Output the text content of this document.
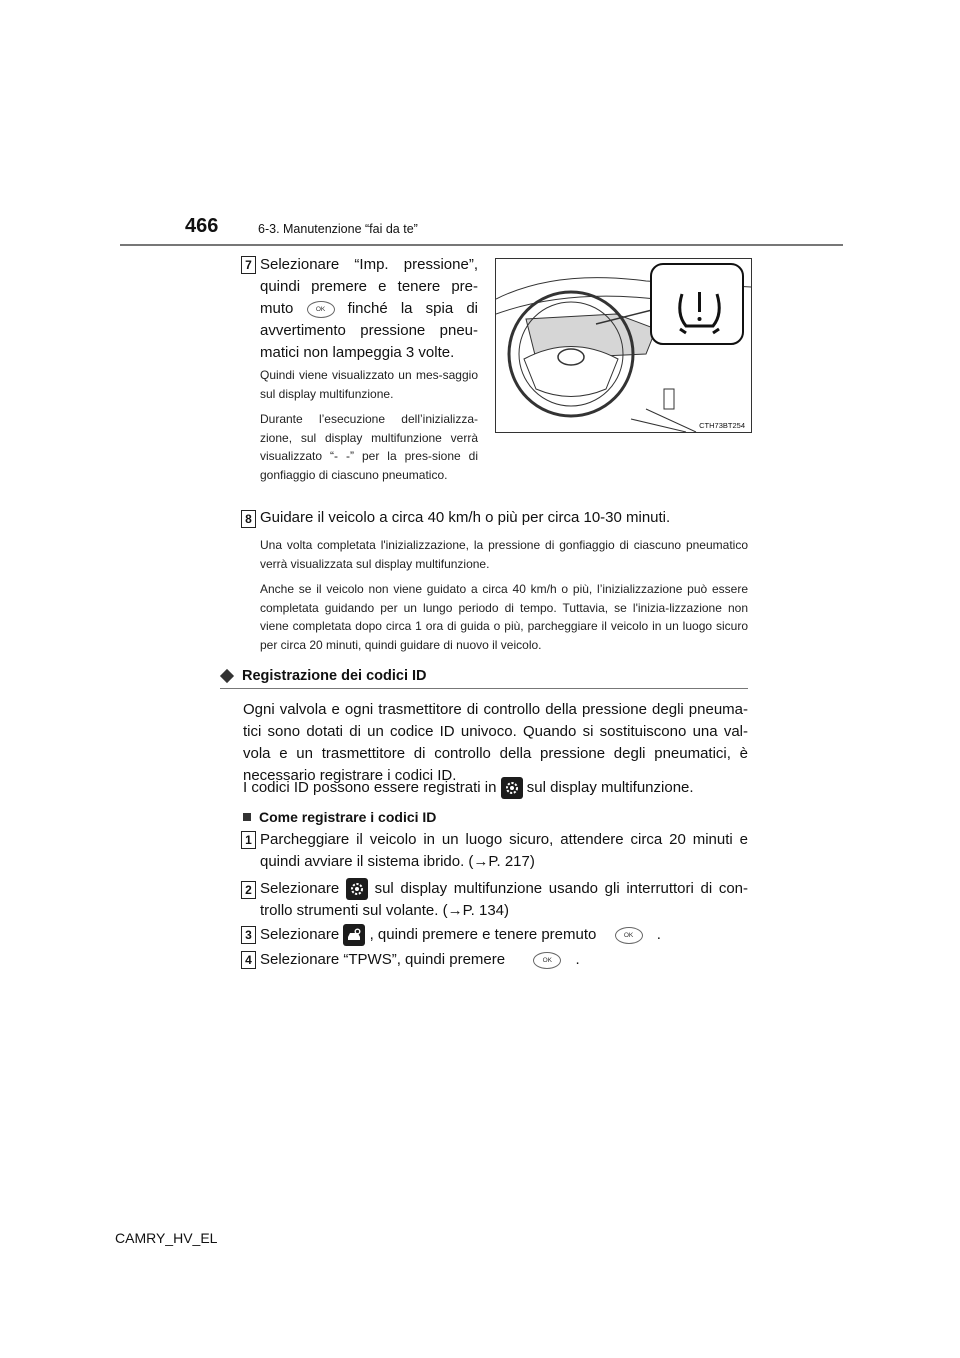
466	6-3. Manutenzione “fai da te”
7 Selezionare “Imp. pressione”, quindi premere e tenere pre-muto	OK finché la spia di avvertimento pressione pneu-matici non lampeggia 3 volte.
Quindi viene visualizzato un mes-saggio sul display multifunzione.
Durante l’esecuzione dell’inizializza-zione, sul display multifunzione verrà visualizzato “- -” per la pres-sione di gonfiaggio di ciascuno pneumatico.
CTH73BT254
8 Guidare il veicolo a circa 40 km/h o più per circa 10-30 minuti.
Una volta completata l'inizializzazione, la pressione di gonfiaggio di ciascuno pneumatico verrà visualizzata sul display multifunzione.
Anche se il veicolo non viene guidato a circa 40 km/h o più, l’inizializzazione può essere completata guidando per un lungo periodo di tempo. Tuttavia, se l'inizia-lizzazione non viene completata dopo circa 1 ora di guida o più, parcheggiare il veicolo in un luogo sicuro per circa 20 minuti, quindi guidare di nuovo il veicolo.
Registrazione dei codici ID
Ogni valvola e ogni trasmettitore di controllo della pressione degli pneuma-tici sono dotati di un codice ID univoco. Quando si sostituiscono una val-vola e un trasmettitore di controllo della pressione degli pneumatici, è necessario registrare i codici ID.
I codici ID possono essere registrati in sul display multifunzione.
Come registrare i codici ID
1 Parcheggiare il veicolo in un luogo sicuro, attendere circa 20 minuti e quindi avviare il sistema ibrido. (→P. 217)
2 Selezionare sul display multifunzione usando gli interruttori di con-trollo strumenti sul volante. (→P. 134)
3 Selezionare , quindi premere e tenere premuto	OK .
4 Selezionare “TPWS”, quindi premere	OK .
CAMRY_HV_EL
